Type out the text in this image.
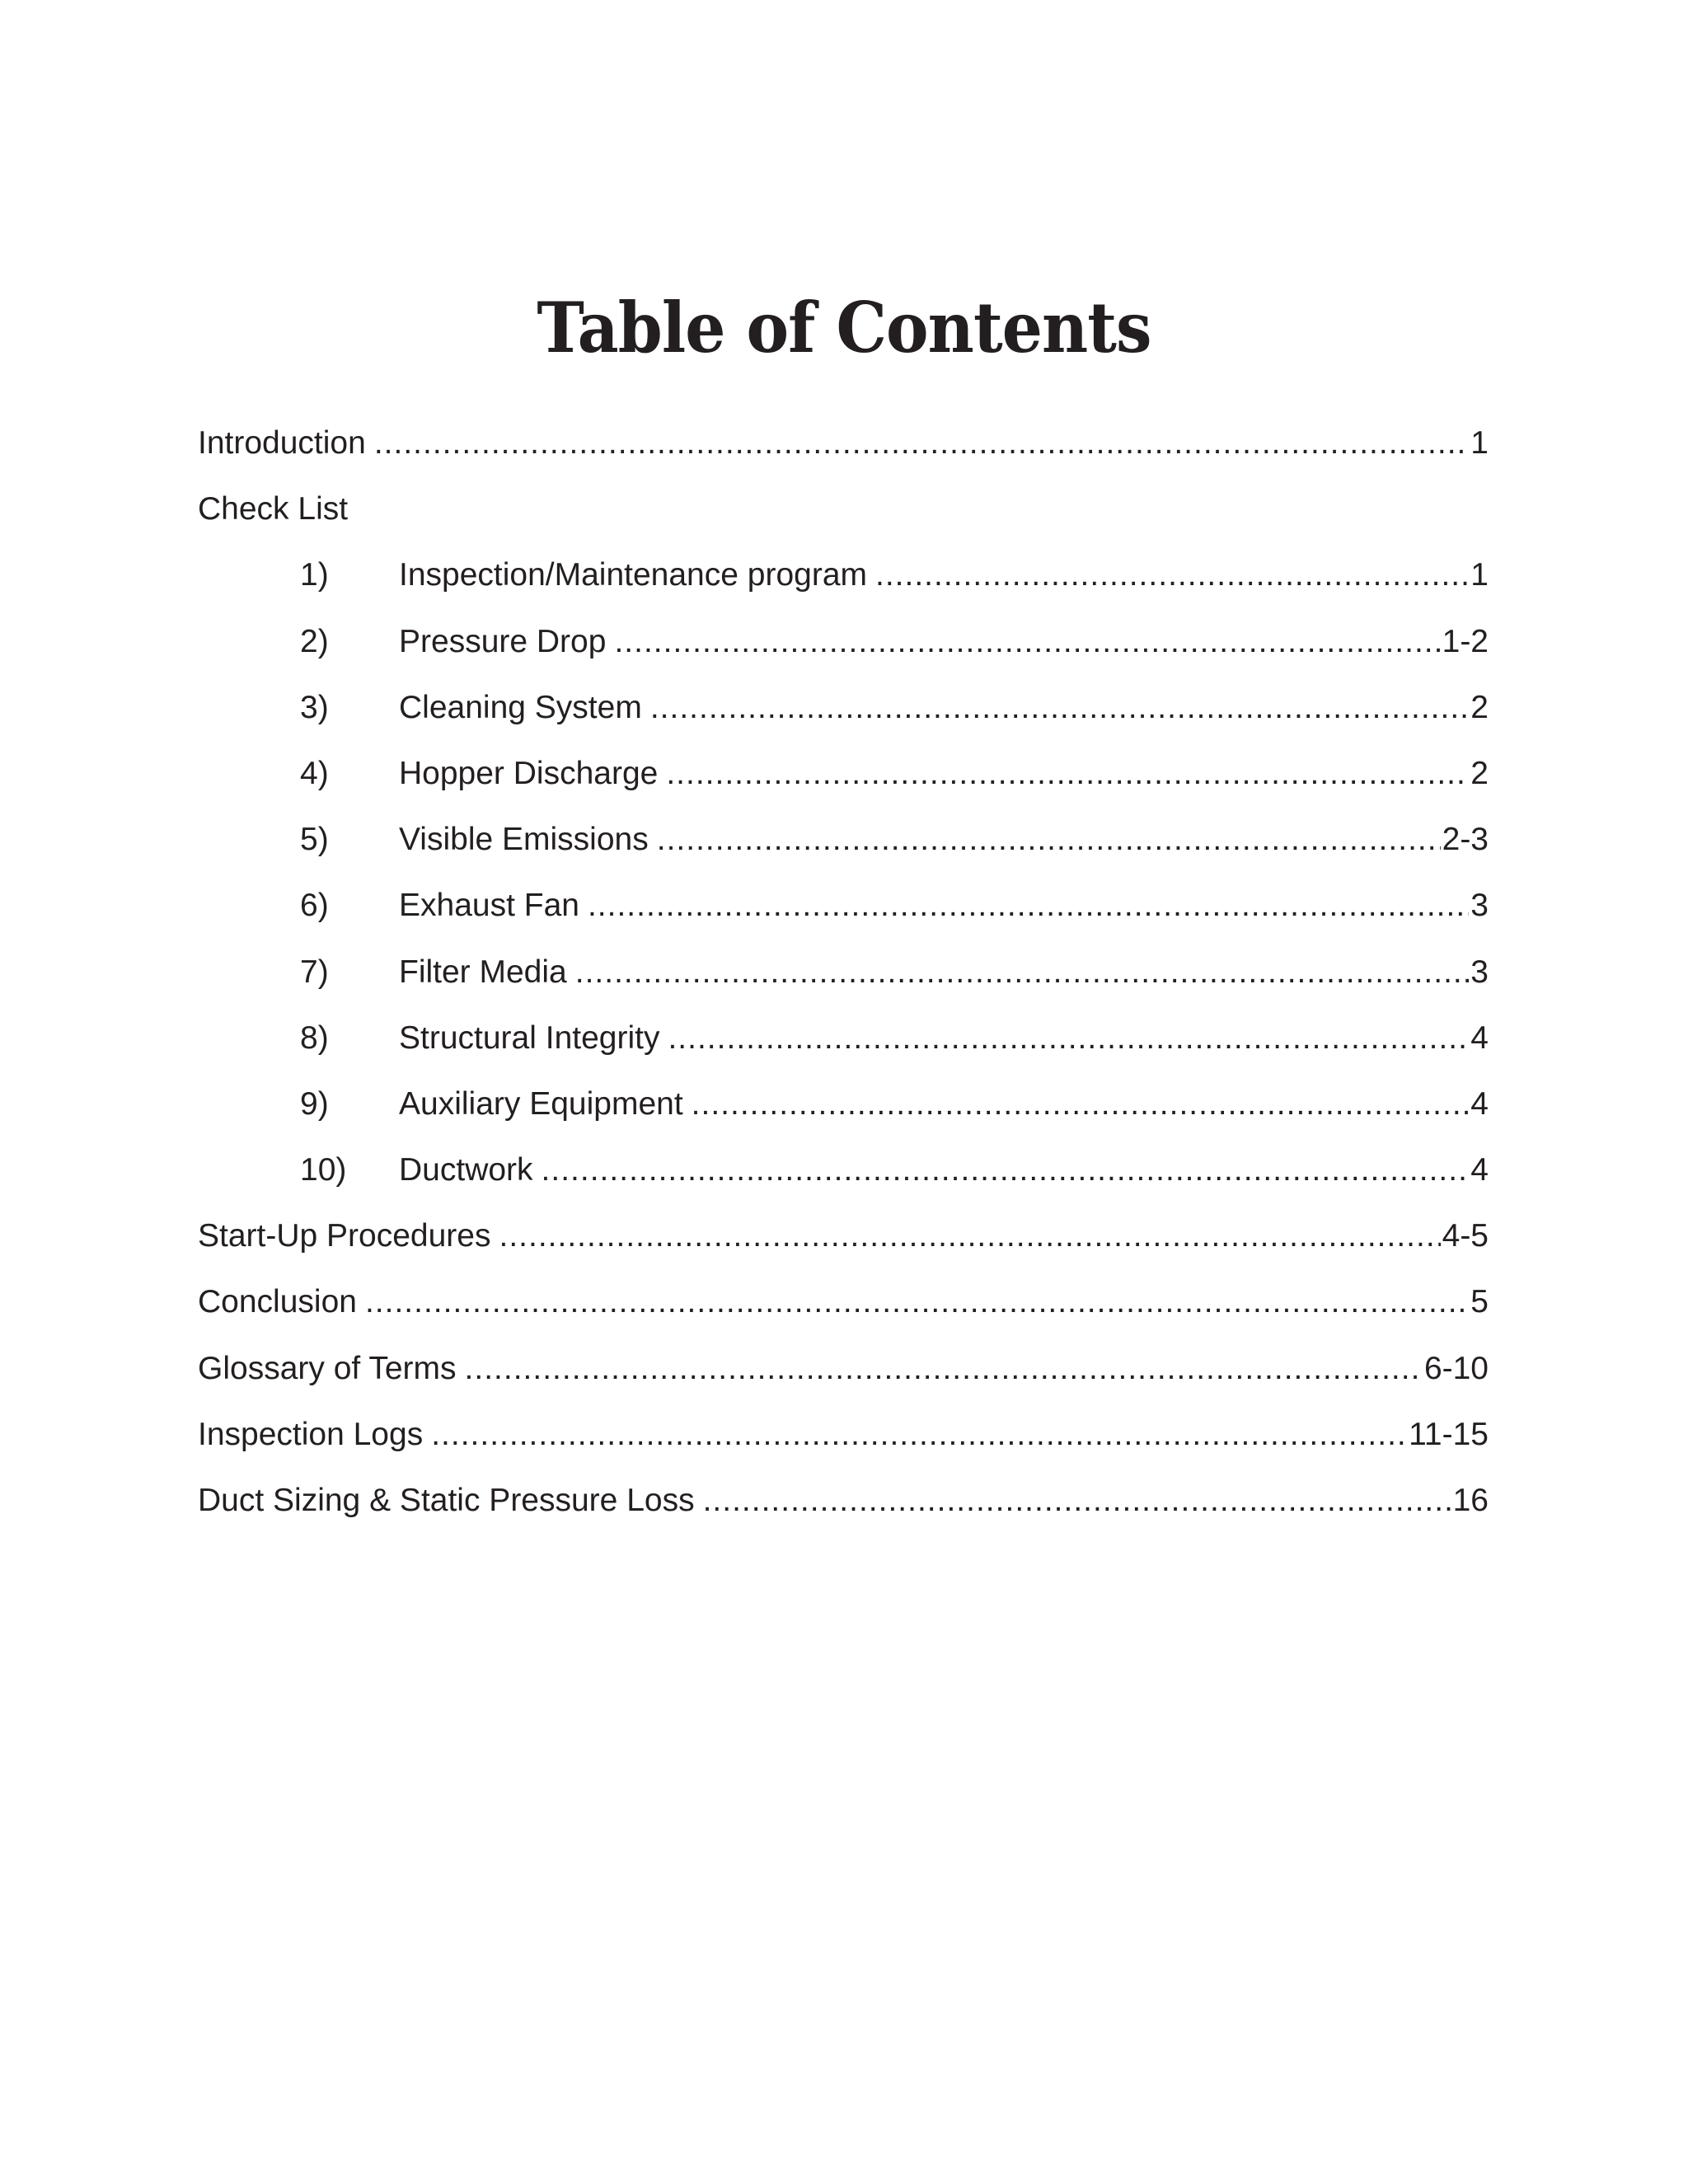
Table of Contents
Introduction .....	1
Check List
1)	Inspection/Maintenance program .....	1
2)	Pressure Drop .....	1-2
3)	Cleaning System .....	2
4)	Hopper Discharge .....	2
5)	Visible Emissions .....	2-3
6)	Exhaust Fan .....	3
7)	Filter Media .....	3
8)	Structural Integrity .....	4
9)	Auxiliary Equipment .....	4
10)	Ductwork .....	4
Start-Up Procedures .....	4-5
Conclusion .....	5
Glossary of Terms .....	6-10
Inspection Logs .....	11-15
Duct Sizing & Static Pressure Loss .....	16
